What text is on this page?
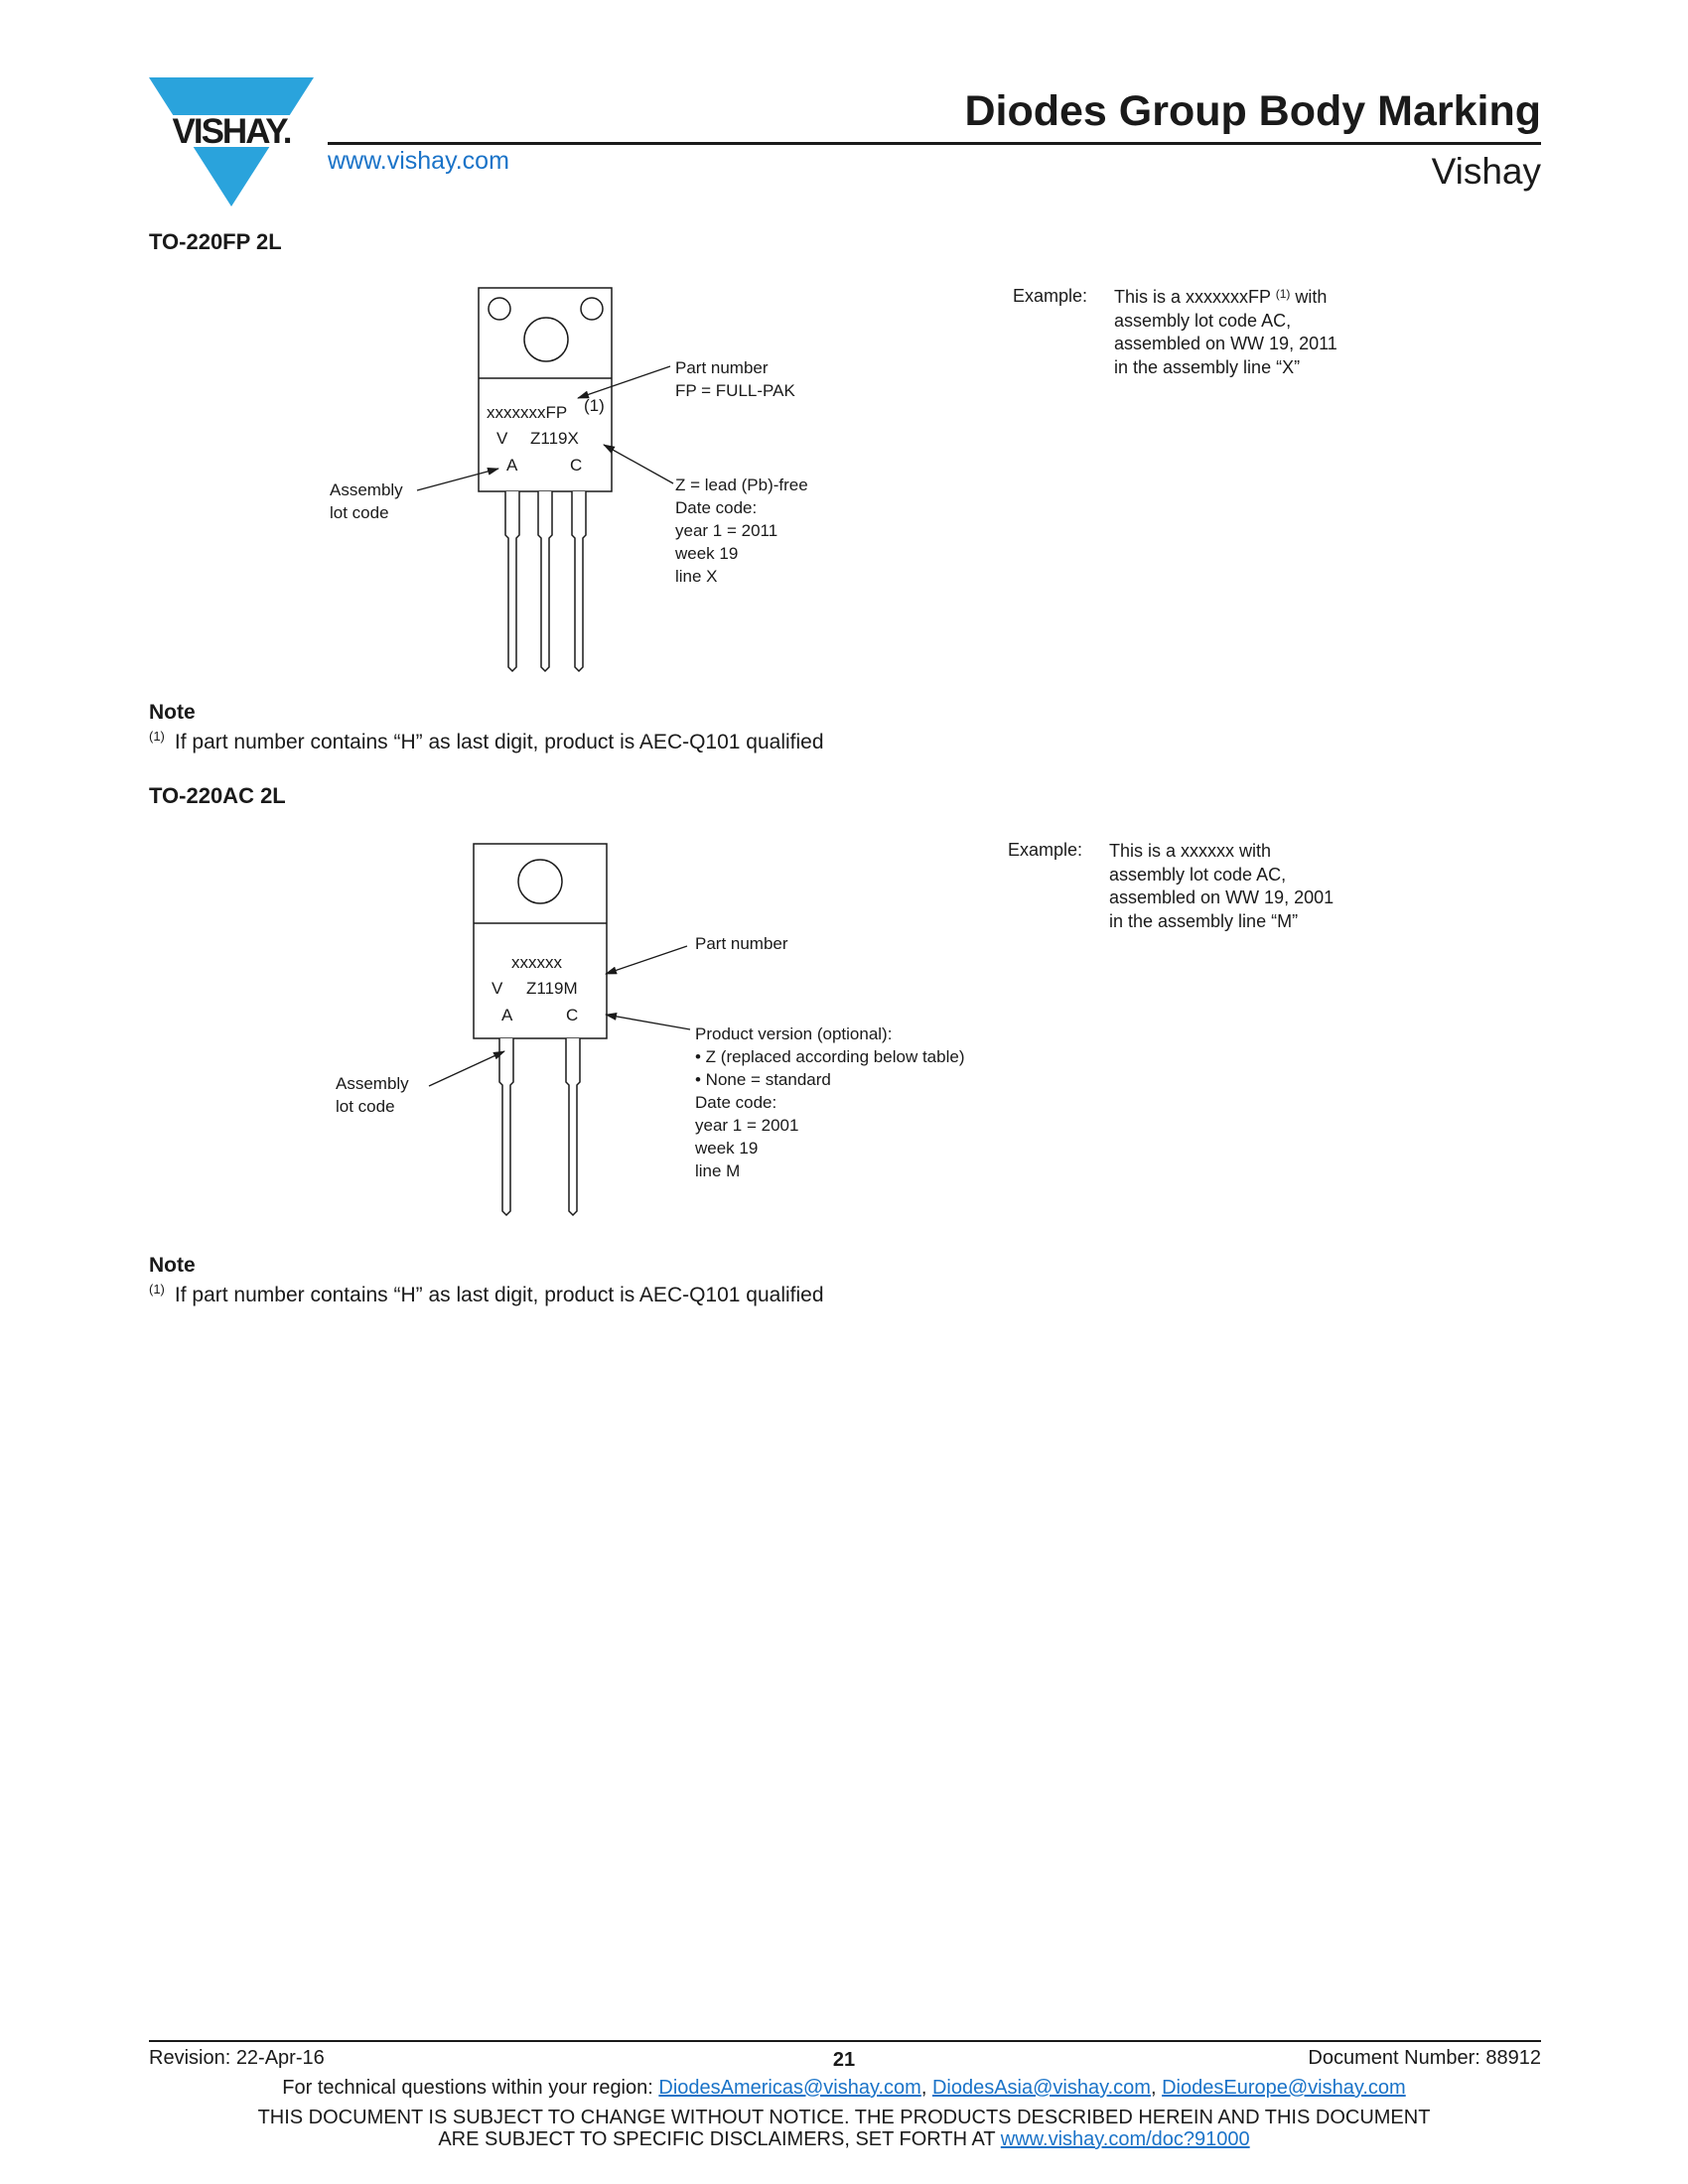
VISHAY.
www.vishay.com
Diodes Group Body Marking
Vishay
TO-220FP 2L
xxxxxxxFP (1)
V Z119X
A	C
Part number
FP = FULL-PAK
Assembly
lot code
Z = lead (Pb)-free
Date code:
year 1 = 2011
week 19
line X
Example: This is a xxxxxxxFP $^{(1)}$ with
assembly lot code AC,
assembled on WW 19, 2011
in the assembly line “X”
Note
$^{(1)}$ If part number contains “H” as last digit, product is AEC-Q101 qualified
TO-220AC 2L
xxxxxx
V Z119M
A	C
Part number
Assembly
lot code
Product version (optional):
• Z (replaced according below table)
• None = standard
Date code:
year 1 = 2001
week 19
line M
Example: This is a xxxxxx with
assembly lot code AC,
assembled on WW 19, 2001
in the assembly line “M”
Note
$^{(1)}$ If part number contains “H” as last digit, product is AEC-Q101 qualified
Revision: 22-Apr-16	21	Document Number: 88912
For technical questions within your region: DiodesAmericas@vishay.com, DiodesAsia@vishay.com, DiodesEurope@vishay.com
THIS DOCUMENT IS SUBJECT TO CHANGE WITHOUT NOTICE. THE PRODUCTS DESCRIBED HEREIN AND THIS DOCUMENT
ARE SUBJECT TO SPECIFIC DISCLAIMERS, SET FORTH AT www.vishay.com/doc?91000
